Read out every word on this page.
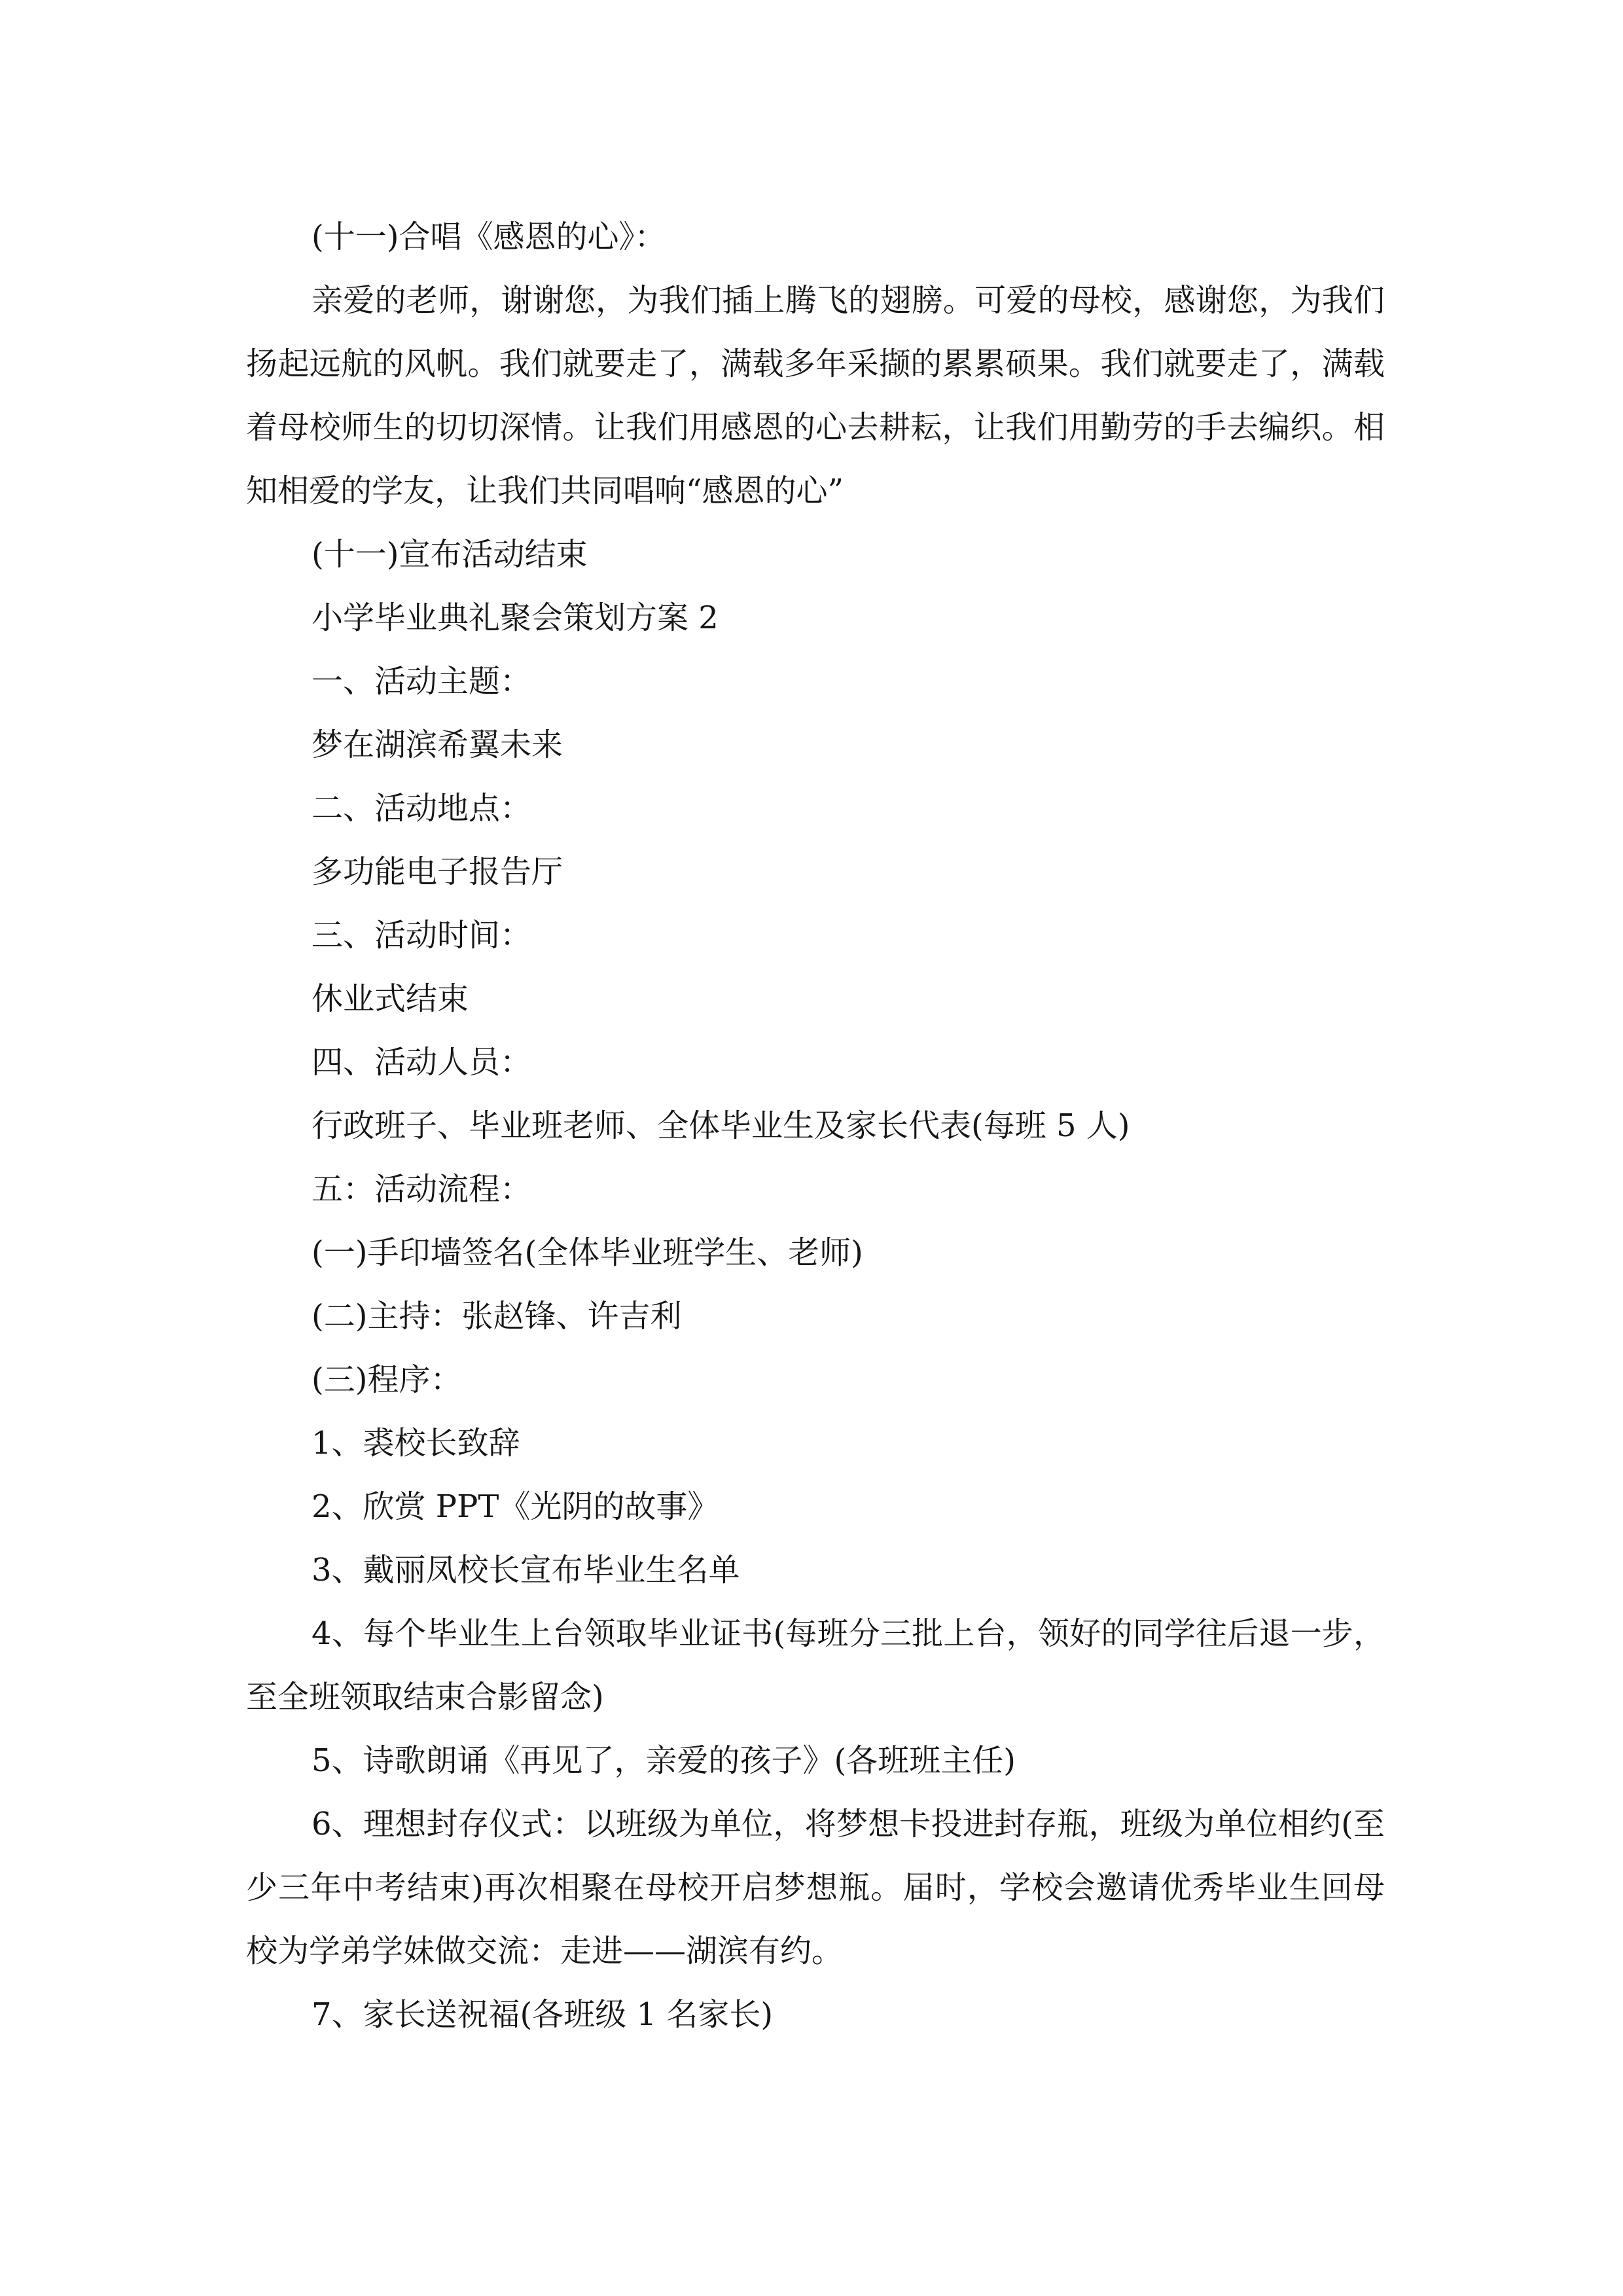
(十一)合唱《感恩的心》：

亲爱的老师，谢谢您，为我们插上腾飞的翅膀。可爱的母校，感谢您，为我们扬起远航的风帆。我们就要走了，满载多年采撷的累累硕果。我们就要走了，满载着母校师生的切切深情。让我们用感恩的心去耕耘，让我们用勤劳的手去编织。相知相爱的学友，让我们共同唱响“感恩的心”

(十一)宣布活动结束

小学毕业典礼聚会策划方案 2

一、活动主题：

梦在湖滨希翼未来

二、活动地点：

多功能电子报告厅

三、活动时间：

休业式结束

四、活动人员：

行政班子、毕业班老师、全体毕业生及家长代表(每班 5 人)

五：活动流程：

(一)手印墙签名(全体毕业班学生、老师)

(二)主持：张赵锋、许吉利

(三)程序：

1、裘校长致辞

2、欣赏 PPT《光阴的故事》

3、戴丽凤校长宣布毕业生名单

4、每个毕业生上台领取毕业证书(每班分三批上台，领好的同学往后退一步，至全班领取结束合影留念)

5、诗歌朗诵《再见了，亲爱的孩子》(各班班主任)

6、理想封存仪式：以班级为单位，将梦想卡投进封存瓶，班级为单位相约(至少三年中考结束)再次相聚在母校开启梦想瓶。届时，学校会邀请优秀毕业生回母校为学弟学妹做交流：走进——湖滨有约。

7、家长送祝福(各班级 1 名家长)
